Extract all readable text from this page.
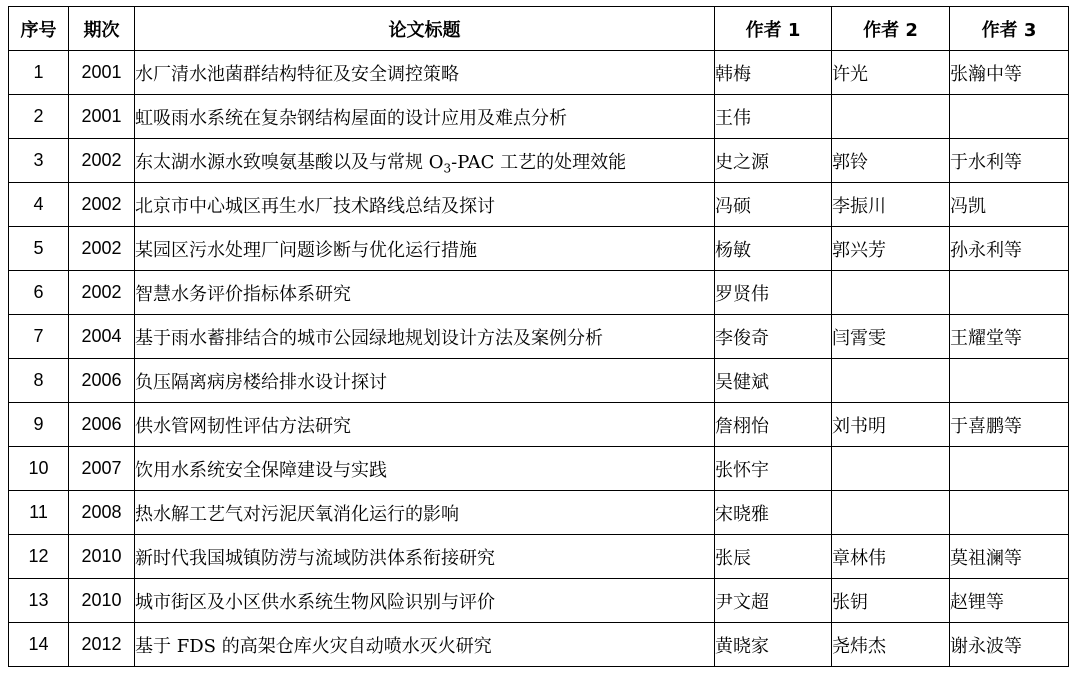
序号	期次	论文标题	作者 1	作者 2	作者 3
1	2001	水厂清水池菌群结构特征及安全调控策略	韩梅	许光	张瀚中等
2	2001	虹吸雨水系统在复杂钢结构屋面的设计应用及难点分析	王伟		
3	2002	东太湖水源水致嗅氨基酸以及与常规 $O_3$-PAC 工艺的处理效能	史之源	郭铃	于水利等
4	2002	北京市中心城区再生水厂技术路线总结及探讨	冯硕	李振川	冯凯
5	2002	某园区污水处理厂问题诊断与优化运行措施	杨敏	郭兴芳	孙永利等
6	2002	智慧水务评价指标体系研究	罗贤伟		
7	2004	基于雨水蓄排结合的城市公园绿地规划设计方法及案例分析	李俊奇	闫霄雯	王耀堂等
8	2006	负压隔离病房楼给排水设计探讨	吴健斌		
9	2006	供水管网韧性评估方法研究	詹栩怡	刘书明	于喜鹏等
10	2007	饮用水系统安全保障建设与实践	张怀宇		
11	2008	热水解工艺气对污泥厌氧消化运行的影响	宋晓雅		
12	2010	新时代我国城镇防涝与流域防洪体系衔接研究	张辰	章林伟	莫祖澜等
13	2010	城市街区及小区供水系统生物风险识别与评价	尹文超	张钥	赵锂等
14	2012	基于 FDS 的高架仓库火灾自动喷水灭火研究	黄晓家	尧炜杰	谢永波等
